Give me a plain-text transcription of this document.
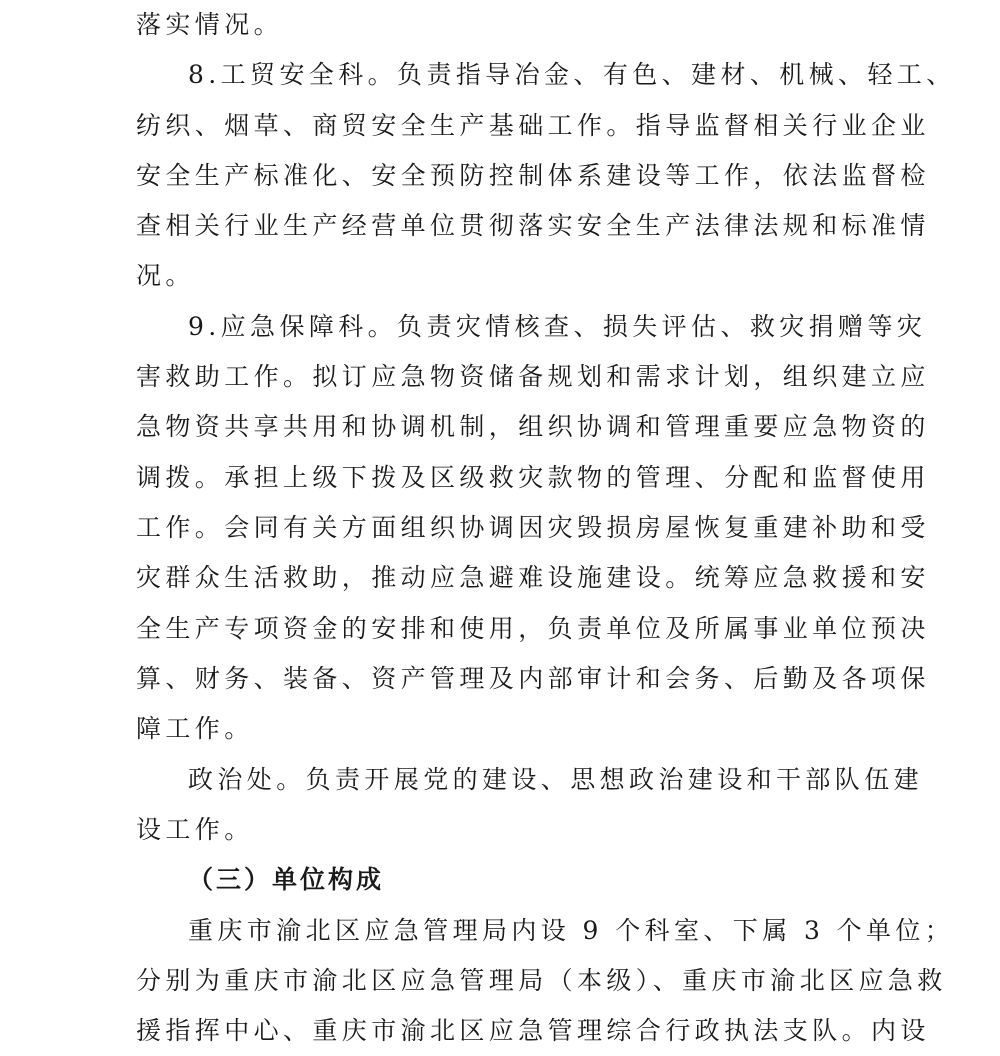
落实情况。
8.工贸安全科。负责指导冶金、有色、建材、机械、轻工、
纺织、烟草、商贸安全生产基础工作。指导监督相关行业企业
安全生产标准化、安全预防控制体系建设等工作，依法监督检
查相关行业生产经营单位贯彻落实安全生产法律法规和标准情
况。
9.应急保障科。负责灾情核查、损失评估、救灾捐赠等灾
害救助工作。拟订应急物资储备规划和需求计划，组织建立应
急物资共享共用和协调机制，组织协调和管理重要应急物资的
调拨。承担上级下拨及区级救灾款物的管理、分配和监督使用
工作。会同有关方面组织协调因灾毁损房屋恢复重建补助和受
灾群众生活救助，推动应急避难设施建设。统筹应急救援和安
全生产专项资金的安排和使用，负责单位及所属事业单位预决
算、财务、装备、资产管理及内部审计和会务、后勤及各项保
障工作。
政治处。负责开展党的建设、思想政治建设和干部队伍建
设工作。
（三）单位构成
重庆市渝北区应急管理局内设 9 个科室、下属 3 个单位；
分别为重庆市渝北区应急管理局（本级）、重庆市渝北区应急救
援指挥中心、重庆市渝北区应急管理综合行政执法支队。内设
